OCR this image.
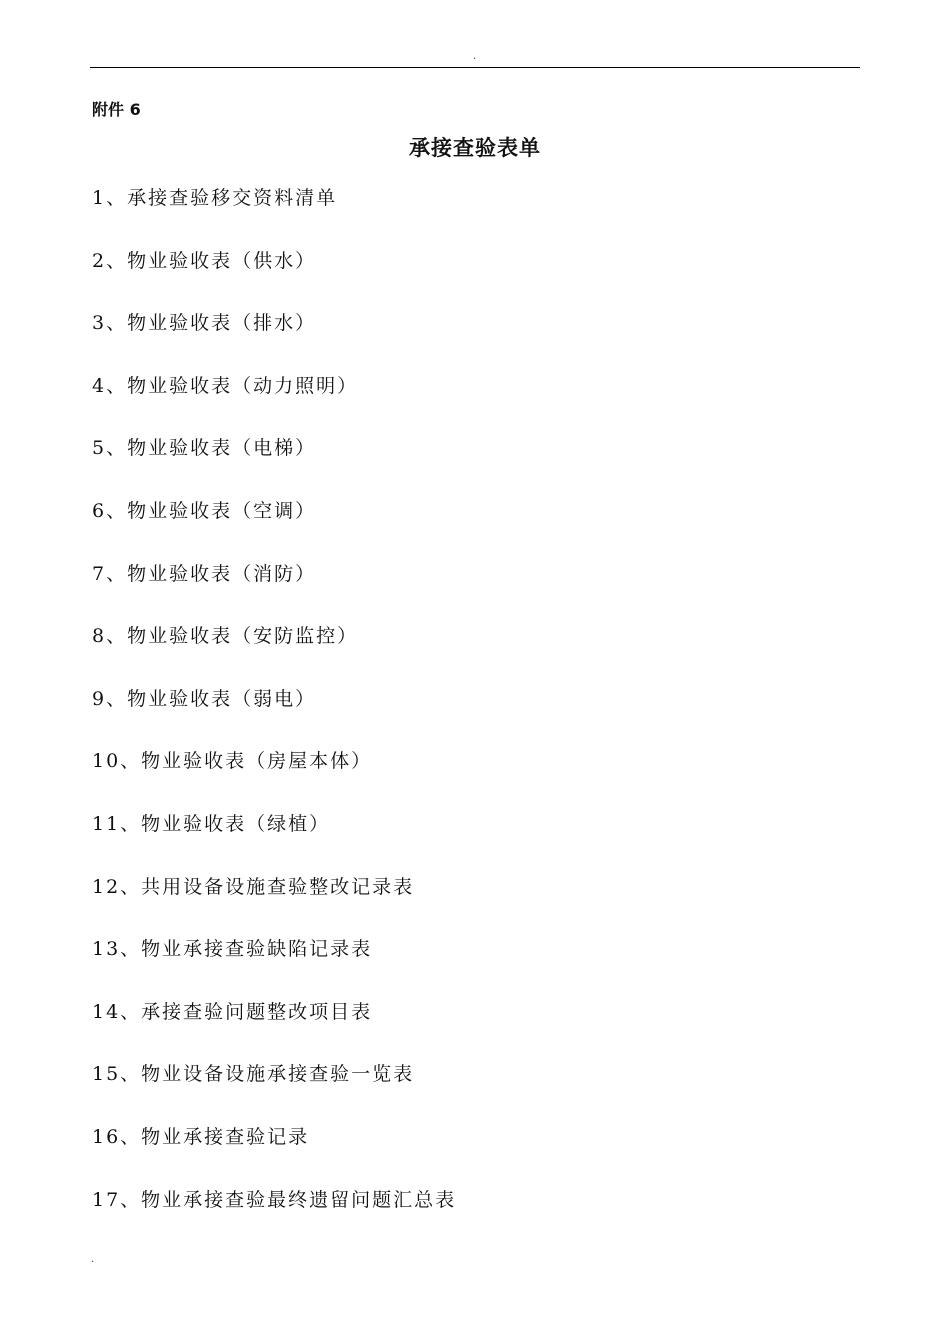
.
附件 6
承接查验表单
1、承接查验移交资料清单
2、物业验收表（供水）
3、物业验收表（排水）
4、物业验收表（动力照明）
5、物业验收表（电梯）
6、物业验收表（空调）
7、物业验收表（消防）
8、物业验收表（安防监控）
9、物业验收表（弱电）
10、物业验收表（房屋本体）
11、物业验收表（绿植）
12、共用设备设施查验整改记录表
13、物业承接查验缺陷记录表
14、承接查验问题整改项目表
15、物业设备设施承接查验一览表
16、物业承接查验记录
17、物业承接查验最终遗留问题汇总表
.
